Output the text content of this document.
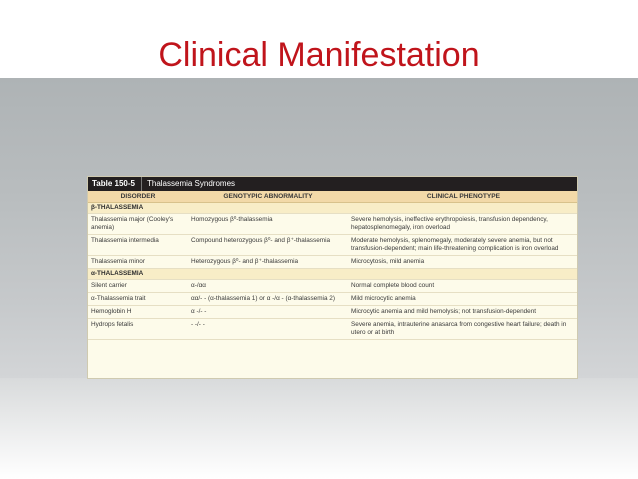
Clinical Manifestation
Table 150-5	Thalassemia Syndromes
DISORDER	GENOTYPIC ABNORMALITY	CLINICAL PHENOTYPE
β-THALASSEMIA		
Thalassemia major (Cooley's anemia)	Homozygous β⁰-thalassemia	Severe hemolysis, ineffective erythropoiesis, transfusion dependency, hepatosplenomegaly, iron overload
Thalassemia intermedia	Compound heterozygous β⁰- and β⁺-thalassemia	Moderate hemolysis, splenomegaly, moderately severe anemia, but not transfusion-dependent; main life-threatening complication is iron overload
Thalassemia minor	Heterozygous β⁰- and β⁺-thalassemia	Microcytosis, mild anemia
α-THALASSEMIA		
Silent carrier	α-/αα	Normal complete blood count
α-Thalassemia trait	αα/- - (α-thalassemia 1) or α -/α - (α-thalassemia 2)	Mild microcytic anemia
Hemoglobin H	α -/- -	Microcytic anemia and mild hemolysis; not transfusion-dependent
Hydrops fetalis	- -/- -	Severe anemia, intrauterine anasarca from congestive heart failure; death in utero or at birth
